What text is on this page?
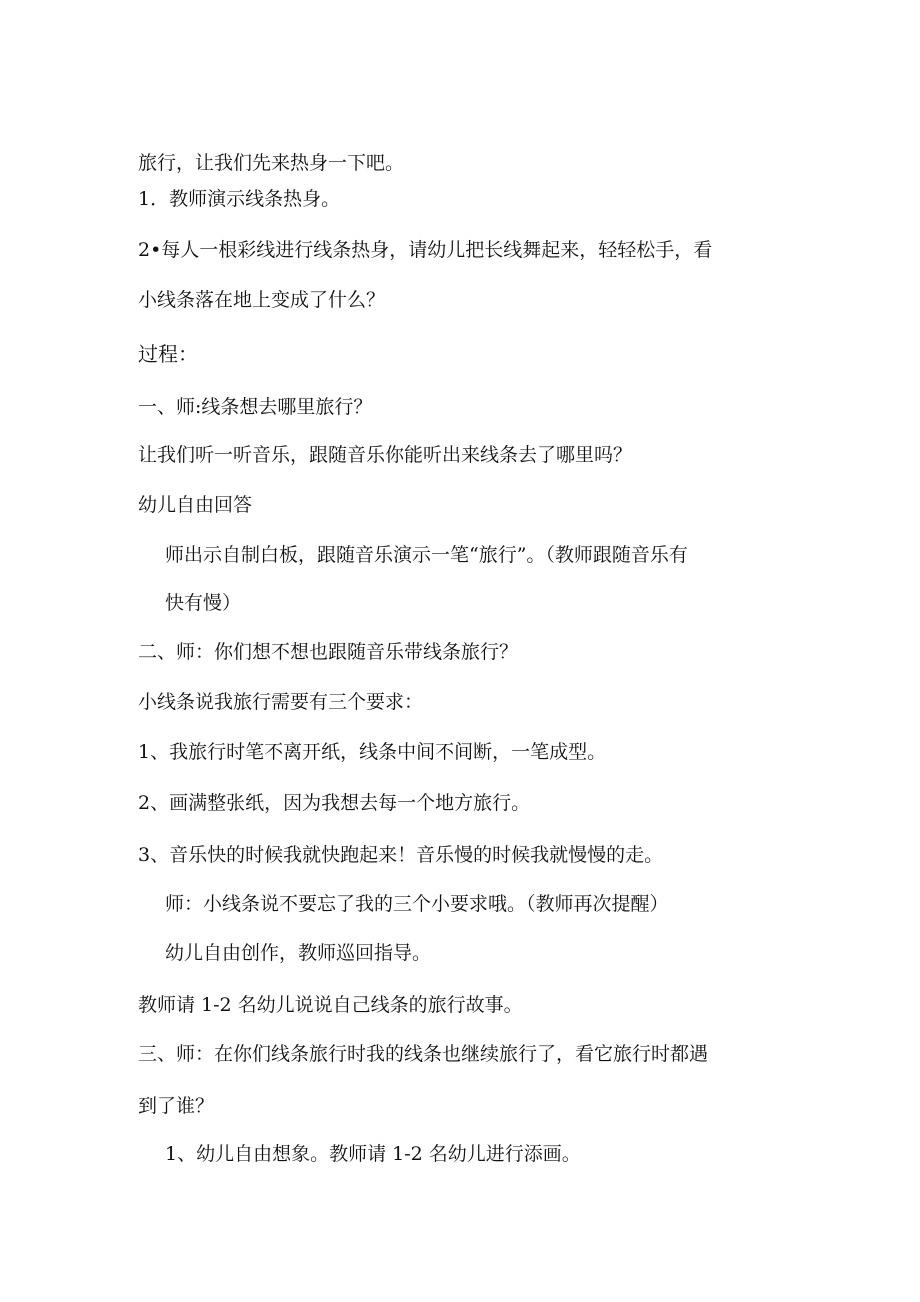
旅行，让我们先来热身一下吧。
1．教师演示线条热身。
2•每人一根彩线进行线条热身，请幼儿把长线舞起来，轻轻松手，看
小线条落在地上变成了什么？
过程：
一、师:线条想去哪里旅行？
让我们听一听音乐，跟随音乐你能听出来线条去了哪里吗？
幼儿自由回答
师出示自制白板，跟随音乐演示一笔“旅行”。（教师跟随音乐有
快有慢）
二、师：你们想不想也跟随音乐带线条旅行？
小线条说我旅行需要有三个要求：
1、我旅行时笔不离开纸，线条中间不间断，一笔成型。
2、画满整张纸，因为我想去每一个地方旅行。
3、音乐快的时候我就快跑起来！音乐慢的时候我就慢慢的走。
师：小线条说不要忘了我的三个小要求哦。（教师再次提醒）
幼儿自由创作，教师巡回指导。
教师请 1-2 名幼儿说说自己线条的旅行故事。
三、师：在你们线条旅行时我的线条也继续旅行了，看它旅行时都遇
到了谁？
1、幼儿自由想象。教师请 1-2 名幼儿进行添画。
